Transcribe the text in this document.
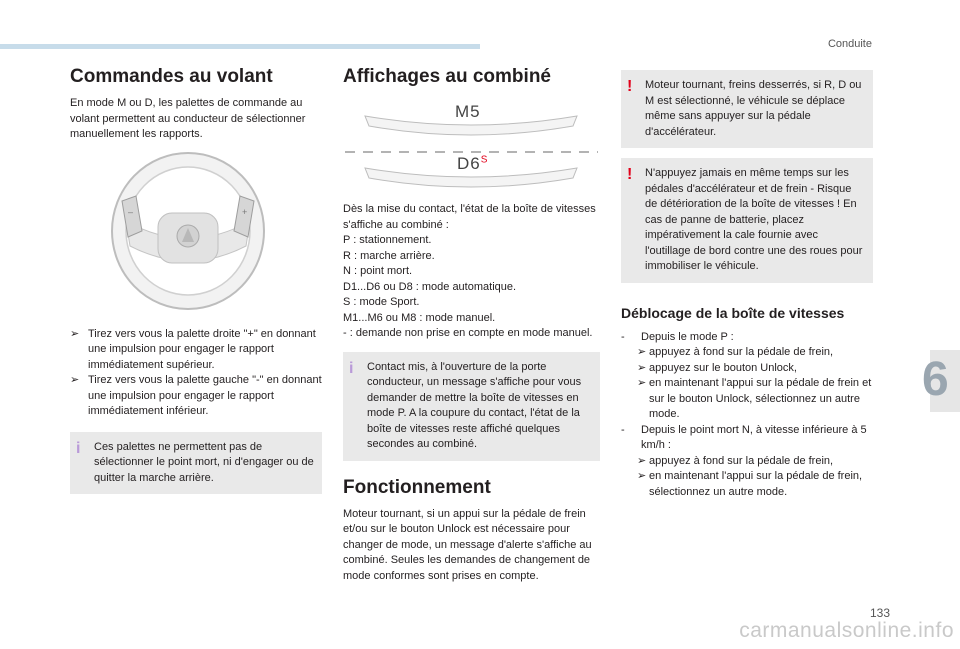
Conduite
Commandes au volant

En mode M ou D, les palettes de commande au volant permettent au conducteur de sélectionner manuellement les rapports.

–	+
➢ Tirez vers vous la palette droite "+" en donnant une impulsion pour engager le rapport immédiatement supérieur.
➢ Tirez vers vous la palette gauche "-" en donnant une impulsion pour engager le rapport immédiatement inférieur.
i Ces palettes ne permettent pas de sélectionner le point mort, ni d'engager ou de quitter la marche arrière.
Affichages au combiné
M5
$D6^S$
Dès la mise du contact, l'état de la boîte de vitesses s'affiche au combiné :
P : stationnement.
R : marche arrière.
N : point mort.
D1...D6 ou D8 : mode automatique.
S : mode Sport.
M1...M6 ou M8 : mode manuel.
- : demande non prise en compte en mode manuel.
i Contact mis, à l'ouverture de la porte conducteur, un message s'affiche pour vous demander de mettre la boîte de vitesses en mode P. A la coupure du contact, l'état de la boîte de vitesses reste affiché quelques secondes au combiné.
Fonctionnement

Moteur tournant, si un appui sur la pédale de frein et/ou sur le bouton Unlock est nécessaire pour changer de mode, un message d'alerte s'affiche au combiné. Seules les demandes de changement de mode conformes sont prises en compte.

! Moteur tournant, freins desserrés, si R, D ou M est sélectionné, le véhicule se déplace même sans appuyer sur la pédale d'accélérateur.
! N'appuyez jamais en même temps sur les pédales d'accélérateur et de frein - Risque de détérioration de la boîte de vitesses ! En cas de panne de batterie, placez impérativement la cale fournie avec l'outillage de bord contre une des roues pour immobiliser le véhicule.
Déblocage de la boîte de vitesses
- Depuis le mode P :
➢ appuyez à fond sur la pédale de frein,
➢ appuyez sur le bouton Unlock,
➢ en maintenant l'appui sur la pédale de frein et sur le bouton Unlock, sélectionnez un autre mode.
- Depuis le point mort N, à vitesse inférieure à 5 km/h :
➢ appuyez à fond sur la pédale de frein,
➢ en maintenant l'appui sur la pédale de frein, sélectionnez un autre mode.
6
133
carmanualsonline.info
